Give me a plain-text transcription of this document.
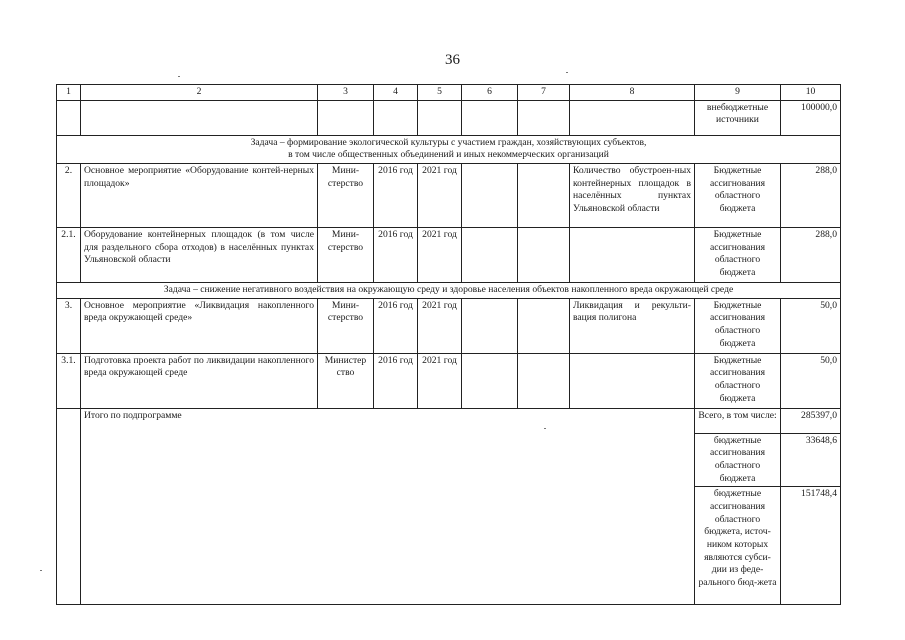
36
1	2	3	4	5	6	7	8	9	10
								внебюджетные источники	100000,0

Задача – формирование экологической культуры с участием граждан, хозяйствующих субъектов,
в том числе общественных объединений и иных некоммерческих организаций									

2.	Основное мероприятие «Оборудование контей-нерных площадок»	Мини-стерство	2016 год	2021 год			Количество обустроен-ных контейнерных площадок в населённых пунктах Ульяновской области	Бюджетные ассигнования областного бюджета	288,0
2.1.	Оборудование контейнерных площадок (в том числе для раздельного сбора отходов) в населённых пунктах Ульяновской области	Мини-стерство	2016 год	2021 год				Бюджетные ассигнования областного бюджета	288,0

Задача – снижение негативного воздействия на окружающую среду и здоровье населения объектов накопленного вреда окружающей среде									

3.	Основное мероприятие «Ликвидация накопленного вреда окружающей среде»	Мини-стерство	2016 год	2021 год			Ликвидация и рекульти-вация полигона	Бюджетные ассигнования областного бюджета	50,0
3.1.	Подготовка проекта работ по ликвидации накопленного вреда окружающей среде	Министер ство	2016 год	2021 год				Бюджетные ассигнования областного бюджета	50,0
	Итого по подпрограмме							Всего, в том числе:	285397,0
								бюджетные ассигнования областного бюджета	33648,6
								бюджетные ассигнования областного бюджета, источ-ником которых являются субси-дии из феде-рального бюд-жета	151748,4
